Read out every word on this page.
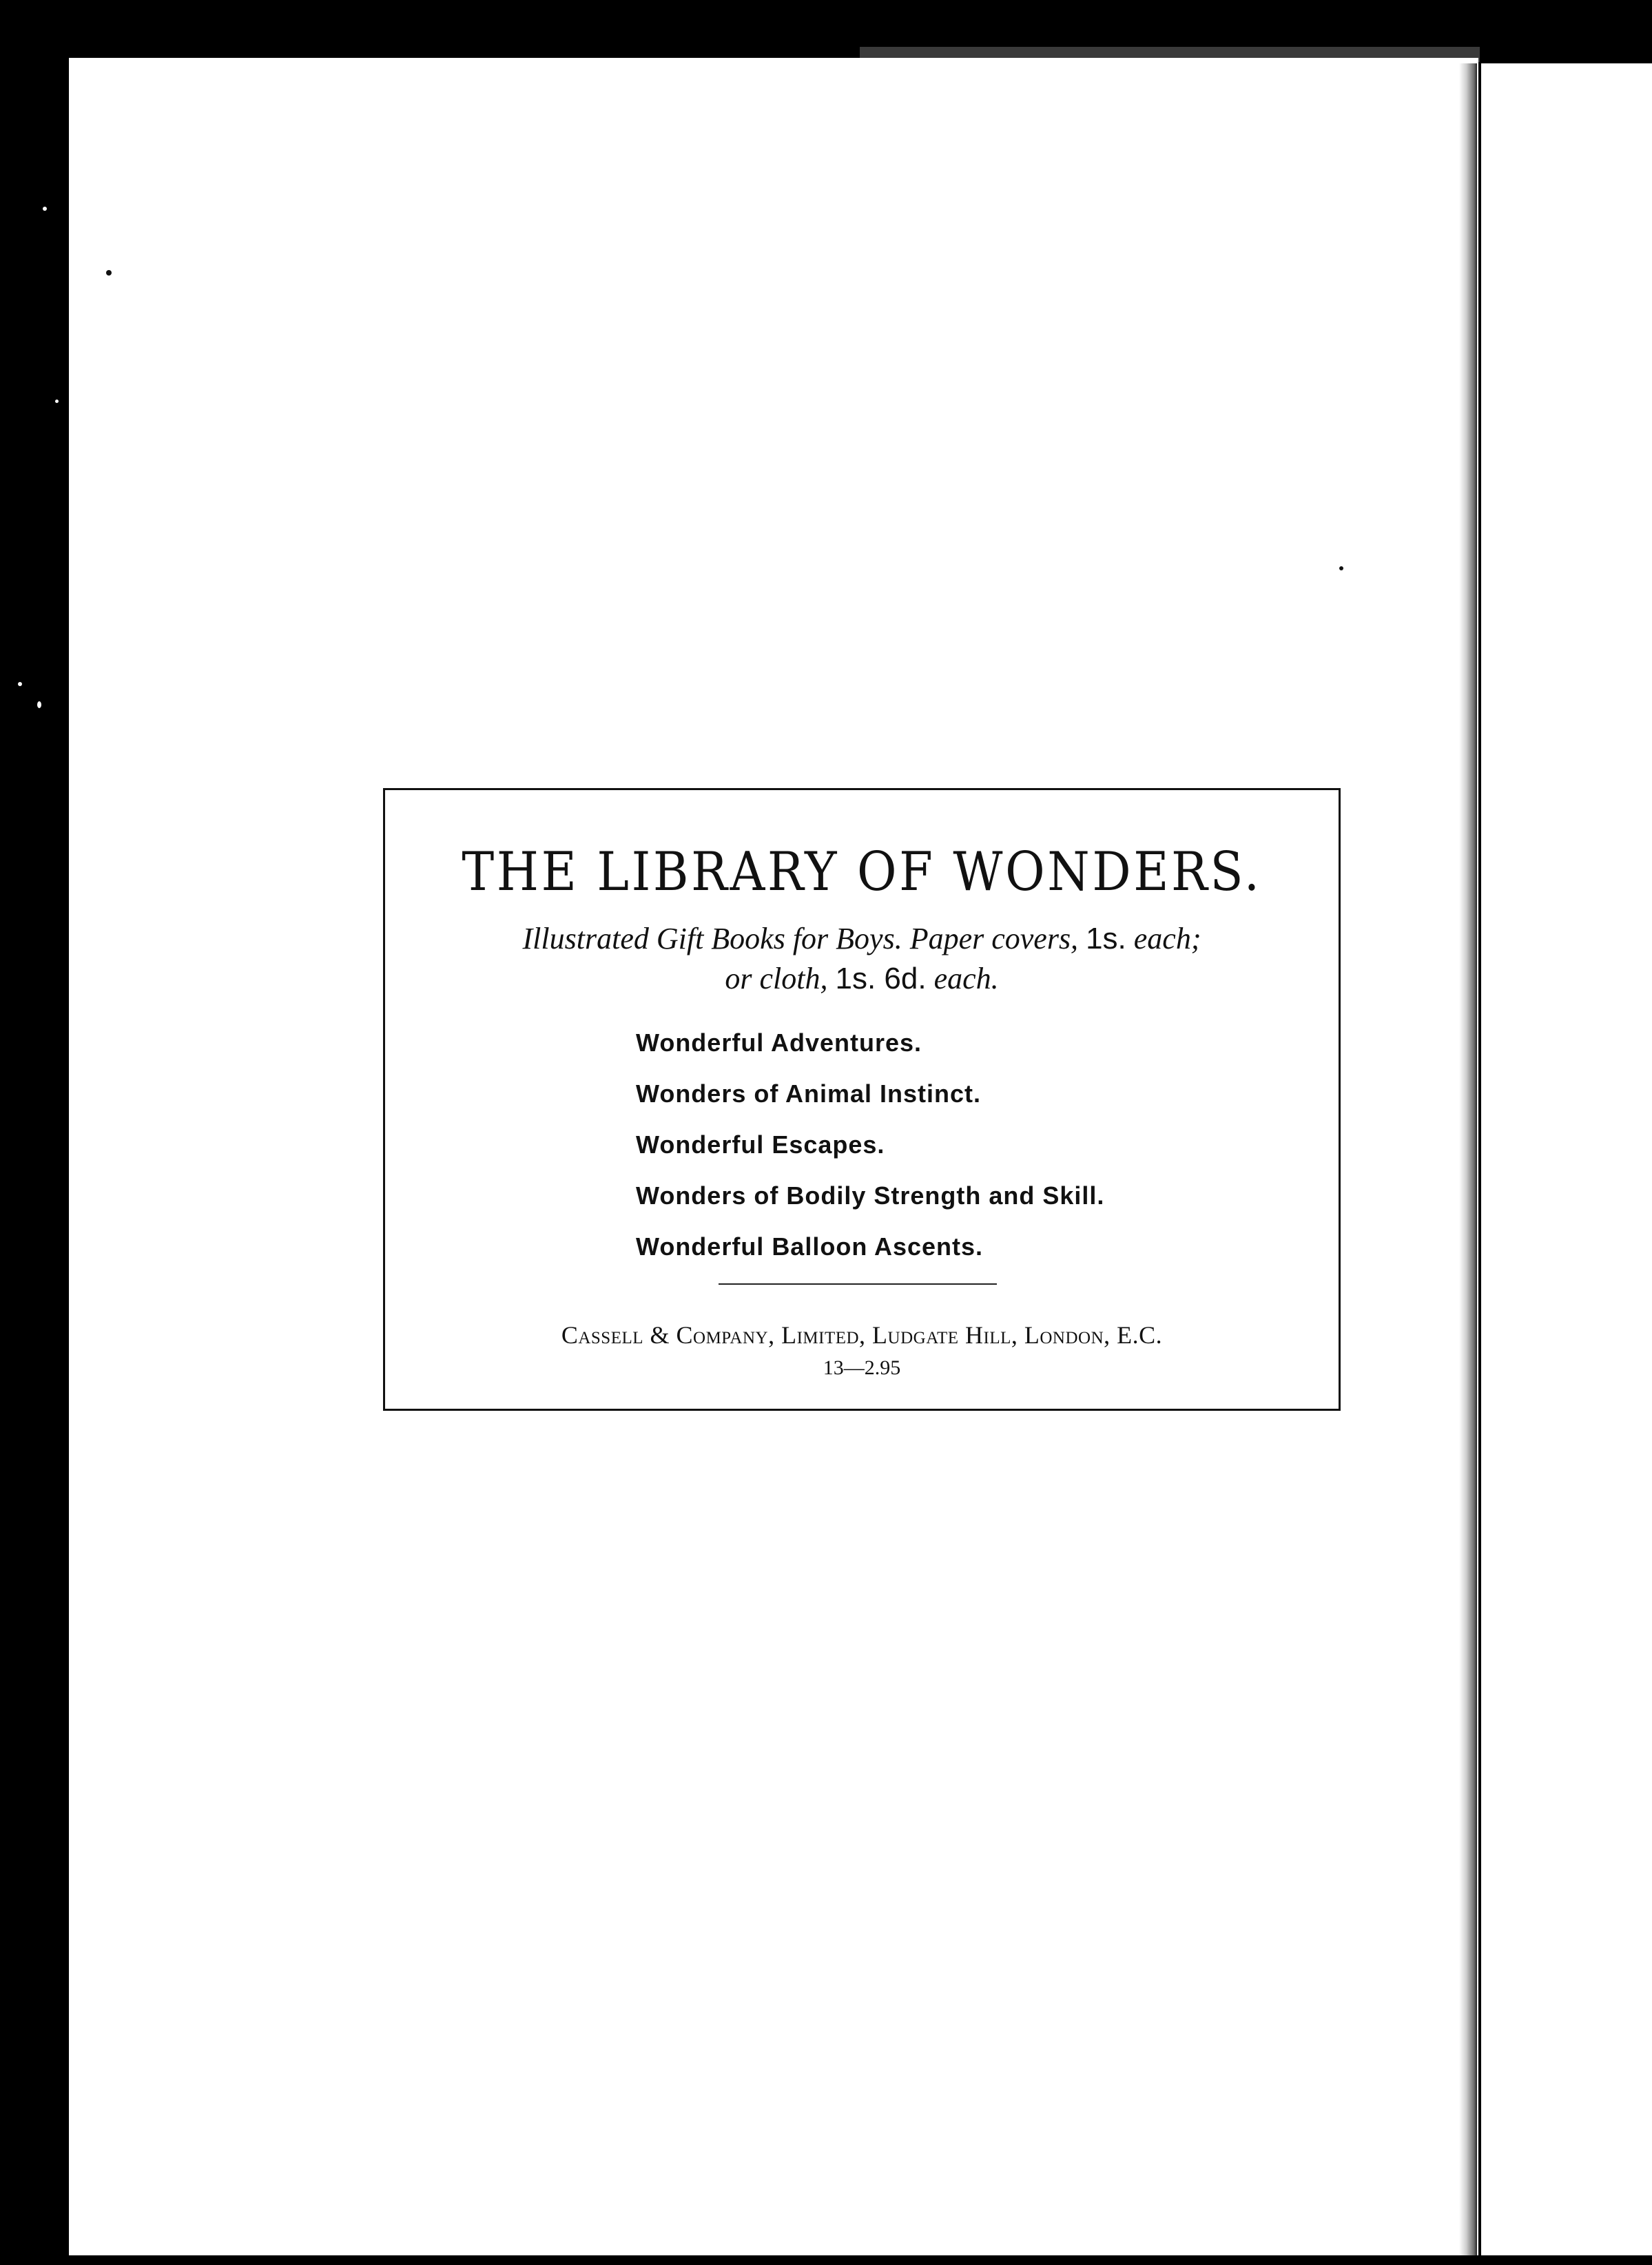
THE LIBRARY OF WONDERS.
Illustrated Gift Books for Boys. Paper covers, 1s. each;
or cloth, 1s. 6d. each.
Wonderful Adventures.
Wonders of Animal Instinct.
Wonderful Escapes.
Wonders of Bodily Strength and Skill.
Wonderful Balloon Ascents.
Cassell & Company, Limited, Ludgate Hill, London, E.C.
13—2.95
